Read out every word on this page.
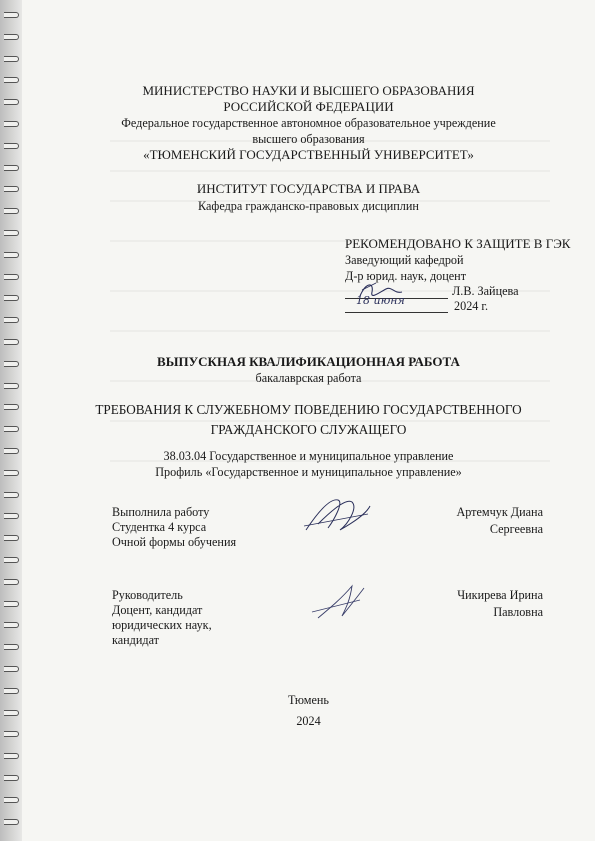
МИНИСТЕРСТВО НАУКИ И ВЫСШЕГО ОБРАЗОВАНИЯ
РОССИЙСКОЙ ФЕДЕРАЦИИ
Федеральное государственное автономное образовательное учреждение
высшего образования
«ТЮМЕНСКИЙ ГОСУДАРСТВЕННЫЙ УНИВЕРСИТЕТ»
ИНСТИТУТ ГОСУДАРСТВА И ПРАВА
Кафедра гражданско-правовых дисциплин
РЕКОМЕНДОВАНО К ЗАЩИТЕ В ГЭК
Заведующий кафедрой
Д-р юрид. наук, доцент
Л.В. Зайцева
2024 г.
18 июня
ВЫПУСКНАЯ КВАЛИФИКАЦИОННАЯ РАБОТА
бакалаврская работа
ТРЕБОВАНИЯ К СЛУЖЕБНОМУ ПОВЕДЕНИЮ ГОСУДАРСТВЕННОГО
ГРАЖДАНСКОГО СЛУЖАЩЕГО
38.03.04 Государственное и муниципальное управление
Профиль «Государственное и муниципальное управление»
Выполнила работу
Студентка 4 курса
Очной формы обучения
Артемчук Диана
Сергеевна
Руководитель
Доцент, кандидат
юридических наук,
кандидат
Чикирева Ирина
Павловна
Тюмень
2024
